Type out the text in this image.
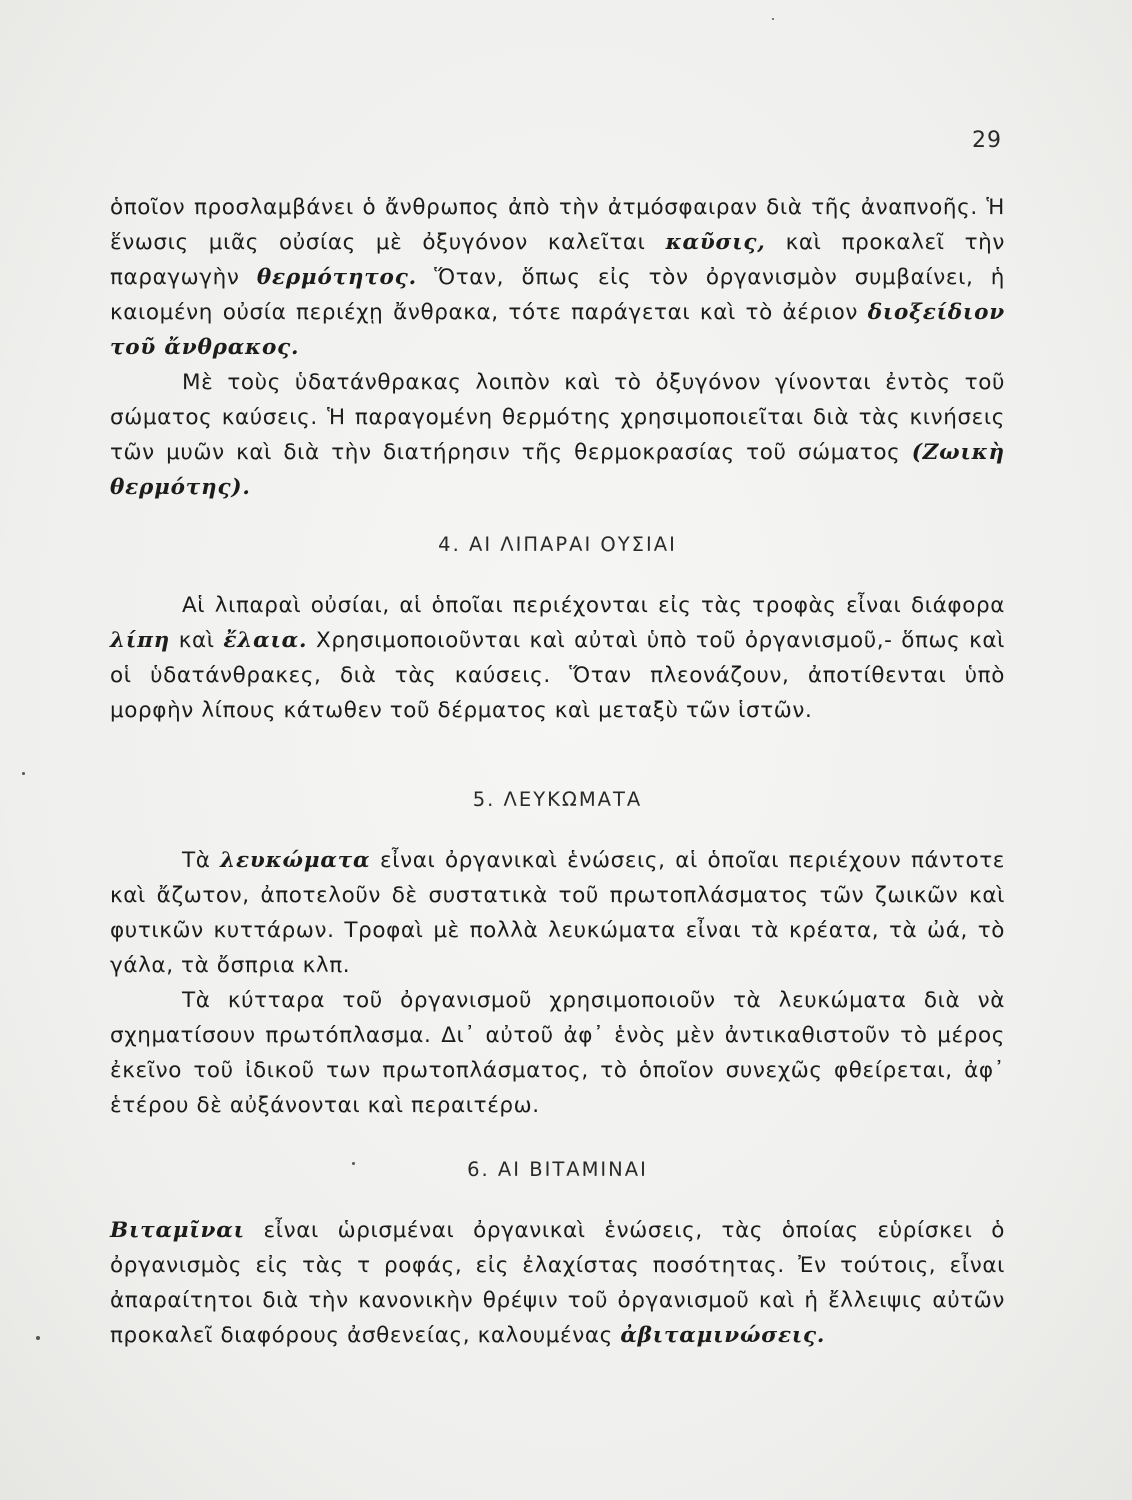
29

ὁποῖον προσλαμβάνει ὁ ἄνθρωπος ἀπὸ τὴν ἀτμόσφαιραν διὰ τῆς ἀναπνοῆς. Ἡ ἕνωσις μιᾶς οὐσίας μὲ ὀξυγόνον καλεῖται καῦσις, καὶ προκαλεῖ τὴν παραγωγὴν θερμότητος. Ὅταν, ὅπως εἰς τὸν ὀργανισμὸν συμβαίνει, ἡ καιομένη οὐσία περιέχῃ ἄνθρακα, τότε παράγεται καὶ τὸ ἀέριον διοξείδιον τοῦ ἄνθρακος.

Μὲ τοὺς ὑδατάνθρακας λοιπὸν καὶ τὸ ὀξυγόνον γίνονται ἐντὸς τοῦ σώματος καύσεις. Ἡ παραγομένη θερμότης χρησιμοποιεῖται διὰ τὰς κινήσεις τῶν μυῶν καὶ διὰ τὴν διατήρησιν τῆς θερμοκρασίας τοῦ σώματος (Ζωικὴ θερμότης).

4. ΑΙ ΛΙΠΑΡΑΙ ΟΥΣΙΑΙ

Αἱ λιπαραὶ οὐσίαι, αἱ ὁποῖαι περιέχονται εἰς τὰς τροφὰς εἶναι διάφορα λίπη καὶ ἔλαια. Χρησιμοποιοῦνται καὶ αὐταὶ ὑπὸ τοῦ ὀργανισμοῦ,- ὅπως καὶ οἱ ὑδατάνθρακες, διὰ τὰς καύσεις. Ὅταν πλεονάζουν, ἀποτίθενται ὑπὸ μορφὴν λίπους κάτωθεν τοῦ δέρματος καὶ μεταξὺ τῶν ἱστῶν.

5. ΛΕΥΚΩΜΑΤΑ

Τὰ λευκώματα εἶναι ὀργανικαὶ ἑνώσεις, αἱ ὁποῖαι περιέχουν πάντοτε καὶ ἄζωτον, ἀποτελοῦν δὲ συστατικὰ τοῦ πρωτοπλάσματος τῶν ζωικῶν καὶ φυτικῶν κυττάρων. Τροφαὶ μὲ πολλὰ λευκώματα εἶναι τὰ κρέατα, τὰ ὠά, τὸ γάλα, τὰ ὄσπρια κλπ.

Τὰ κύτταρα τοῦ ὀργανισμοῦ χρησιμοποιοῦν τὰ λευκώματα διὰ νὰ σχηματίσουν πρωτόπλασμα. Δι᾽ αὐτοῦ ἀφ᾽ ἑνὸς μὲν ἀντικαθιστοῦν τὸ μέρος ἐκεῖνο τοῦ ἰδικοῦ των πρωτοπλάσματος, τὸ ὁποῖον συνεχῶς φθείρεται, ἀφ᾽ ἑτέρου δὲ αὐξάνονται καὶ περαιτέρω.

6. ΑΙ ΒΙΤΑΜΙΝΑΙ

Βιταμῖναι εἶναι ὡρισμέναι ὀργανικαὶ ἑνώσεις, τὰς ὁποίας εὑρίσκει ὁ ὀργανισμὸς εἰς τὰς τ ροφάς, εἰς ἐλαχίστας ποσότητας. Ἐν τούτοις, εἶναι ἀπαραίτητοι διὰ τὴν κανονικὴν θρέψιν τοῦ ὀργανισμοῦ καὶ ἡ ἔλλειψις αὐτῶν προκαλεῖ διαφόρους ἀσθενείας, καλουμένας ἀβιταμινώσεις.
